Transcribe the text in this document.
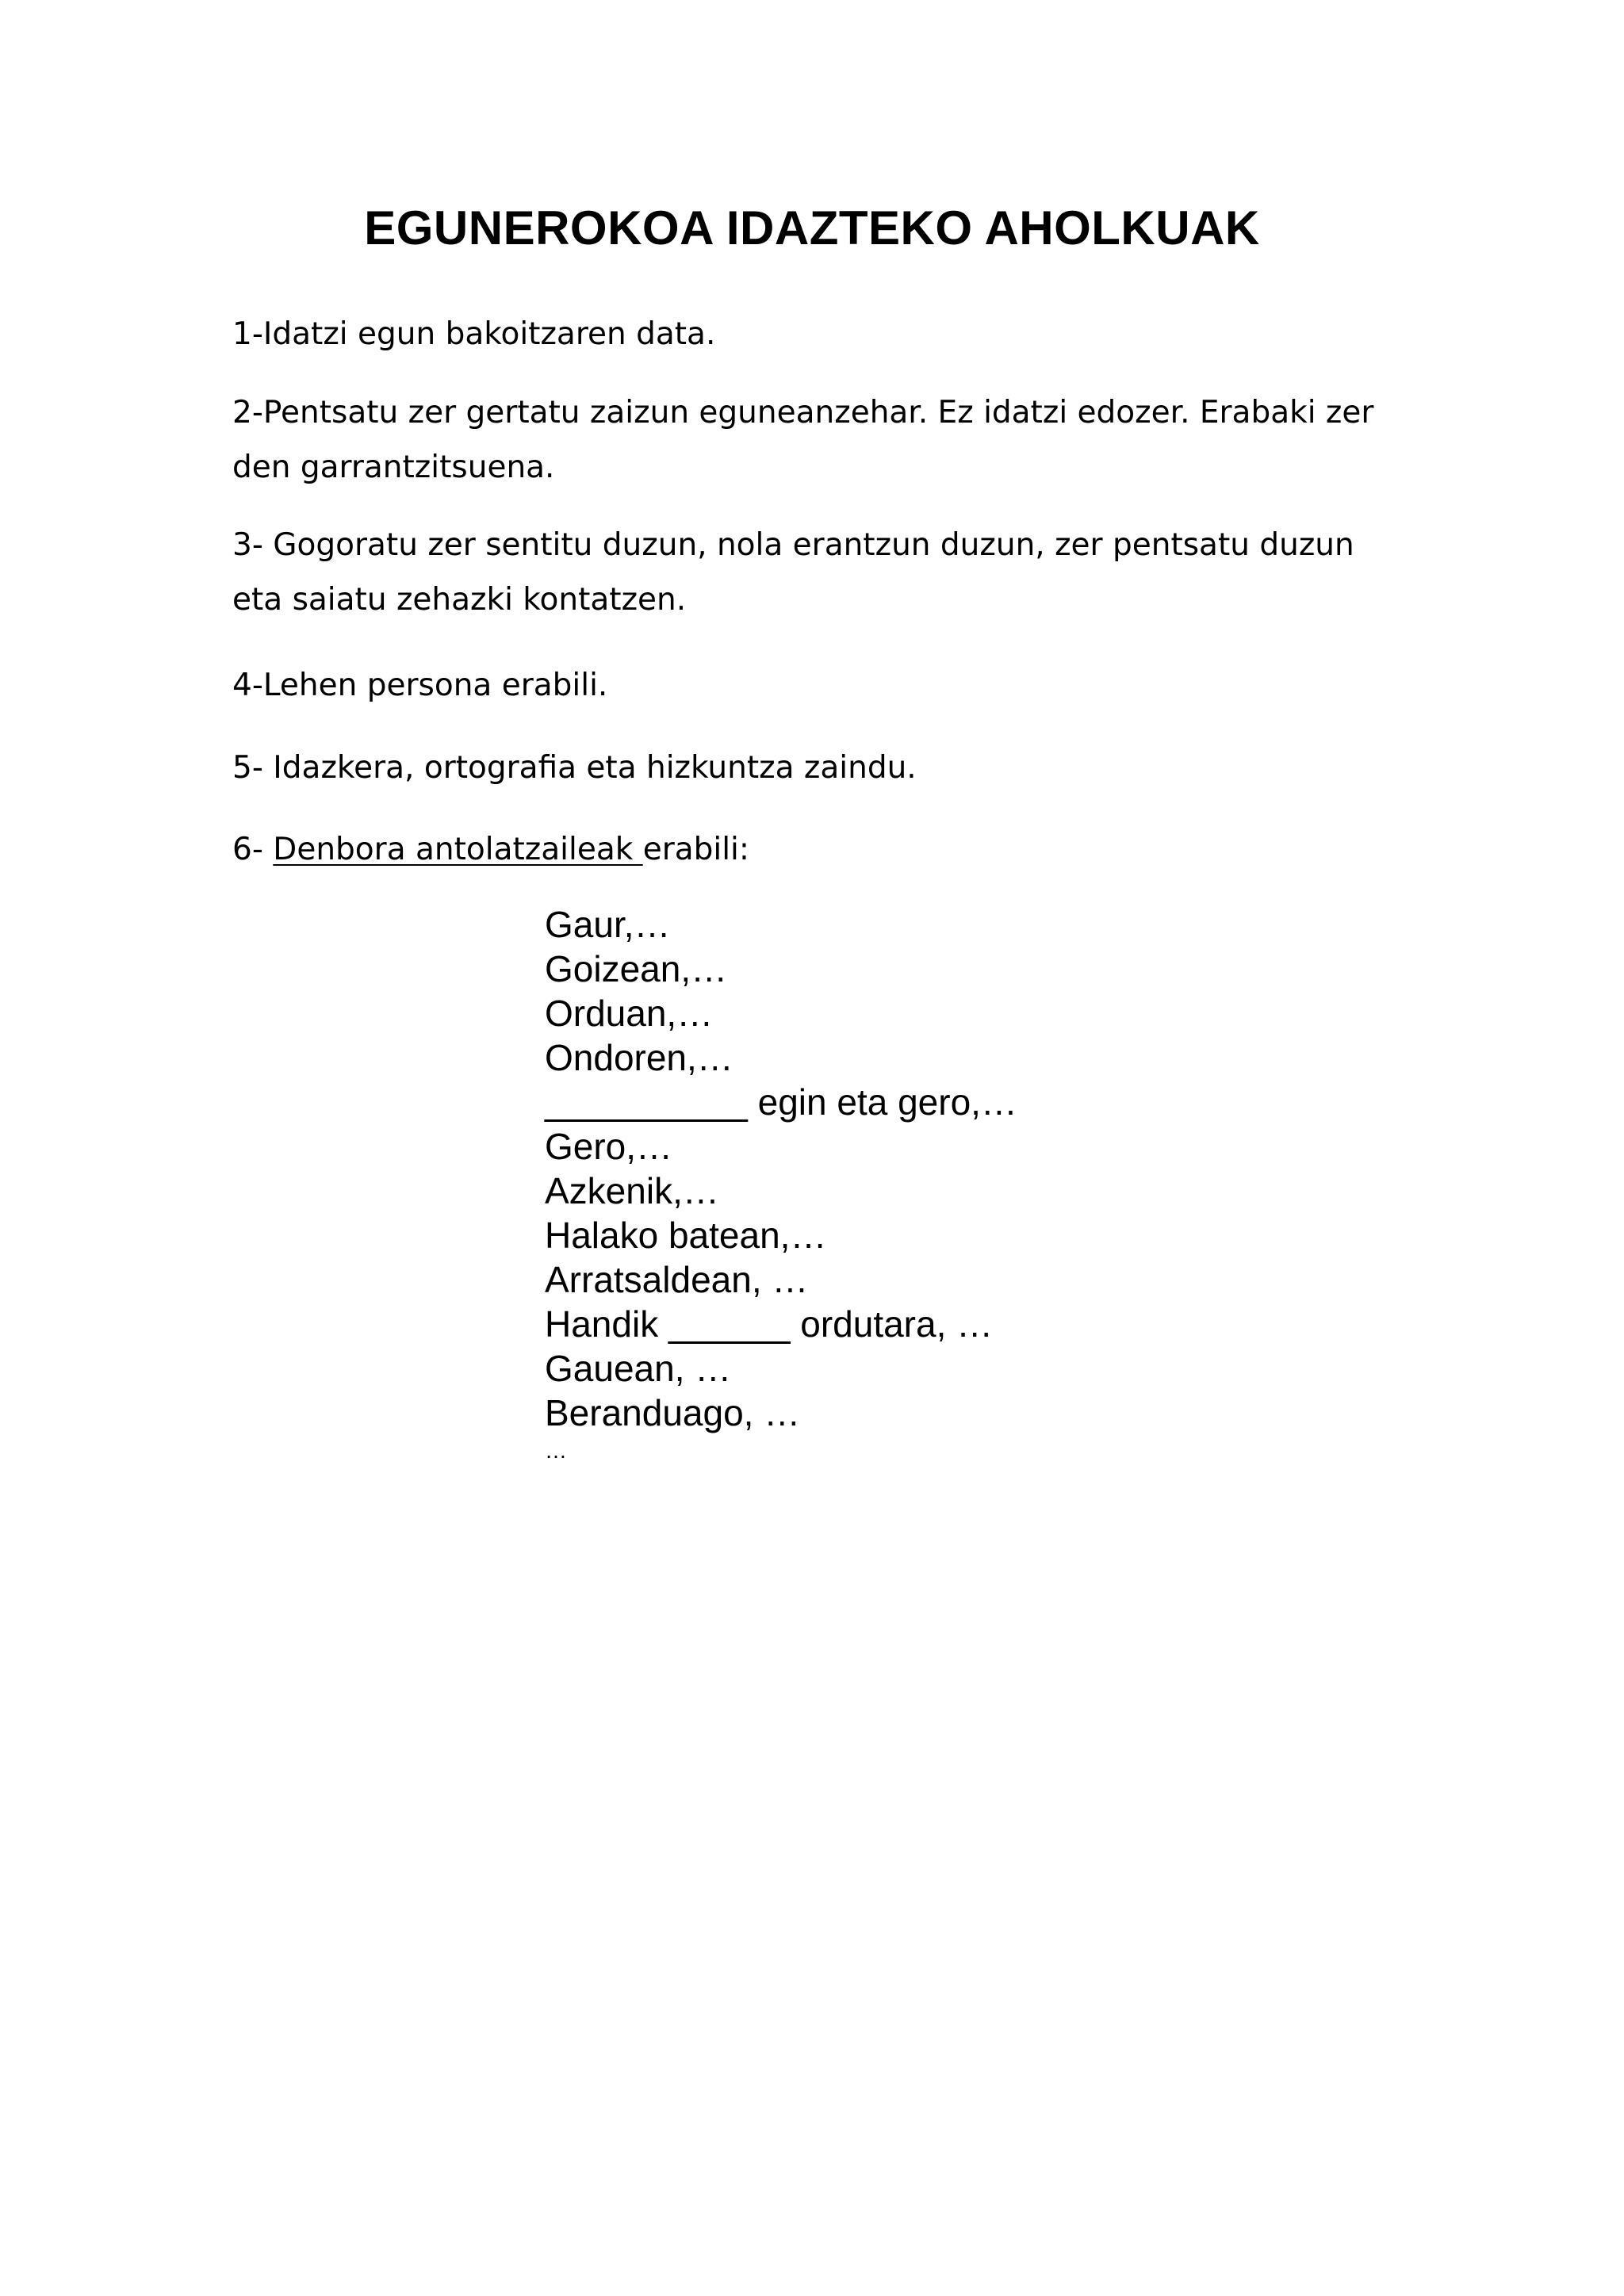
EGUNEROKOA IDAZTEKO AHOLKUAK

1-Idatzi egun bakoitzaren data.

2-Pentsatu zer gertatu zaizun eguneanzehar. Ez idatzi edozer. Erabaki zer den garrantzitsuena.

3- Gogoratu zer sentitu duzun, nola erantzun duzun, zer pentsatu duzun eta saiatu zehazki kontatzen.

4-Lehen persona erabili.

5- Idazkera, ortografia eta hizkuntza zaindu.

6- Denbora antolatzaileak erabili:

Gaur,…
Goizean,…
Orduan,…
Ondoren,…
__________ egin eta gero,…
Gero,…
Azkenik,…
Halako batean,…
Arratsaldean, …
Handik ______ ordutara, …
Gauean, …
Beranduago, …
…
